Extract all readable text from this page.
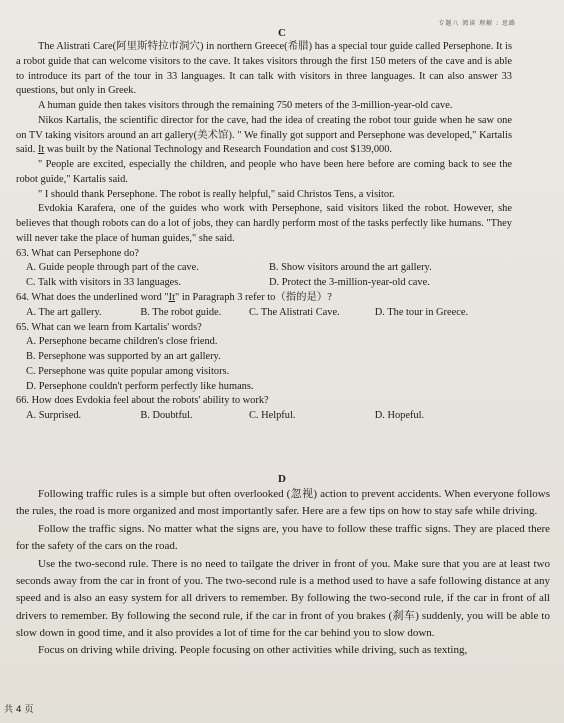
专题八 阅读 理解 : 思路
C

The Alistrati Care(阿里斯特拉市洞穴) in northern Greece(希腊) has a special tour guide called Persephone. It is a robot guide that can welcome visitors to the cave. It takes visitors through the first 150 meters of the cave and is able to introduce its part of the tour in 33 languages. It can talk with visitors in three languages. It can also answer 33 questions, but only in Greek.

A human guide then takes visitors through the remaining 750 meters of the 3-million-year-old cave.

Nikos Kartalis, the scientific director for the cave, had the idea of creating the robot tour guide when he saw one on TV taking visitors around an art gallery(美术馆). " We finally got support and Persephone was developed," Kartalis said. It was built by the National Technology and Research Foundation and cost $139,000.

" People are excited, especially the children, and people who have been here before are coming back to see the robot guide," Kartalis said.

" I should thank Persephone. The robot is really helpful," said Christos Tens, a visitor.

Evdokia Karafera, one of the guides who work with Persephone, said visitors liked the robot. However, she believes that though robots can do a lot of jobs, they can hardly perform most of the tasks perfectly like humans. "They will never take the place of human guides," she said.

63. What can Persephone do?

A. Guide people through part of the cave.	B. Show visitors around the art gallery.
C. Talk with visitors in 33 languages.	D. Protect the 3-million-year-old cave.

64. What does the underlined word "It" in Paragraph 3 refer to（指的是）?

A. The art gallery.	B. The robot guide.	C. The Alistrati Cave.	D. The tour in Greece.

65. What can we learn from Kartalis' words?

A. Persephone became children's close friend.
B. Persephone was supported by an art gallery.
C. Persephone was quite popular among visitors.
D. Persephone couldn't perform perfectly like humans.

66. How does Evdokia feel about the robots' ability to work?

A. Surprised.	B. Doubtful.	C. Helpful.	D. Hopeful.
D

Following traffic rules is a simple but often overlooked (忽视) action to prevent accidents. When everyone follows the rules, the road is more organized and most importantly safer. Here are a few tips on how to stay safe while driving.

Follow the traffic signs. No matter what the signs are, you have to follow these traffic signs. They are placed there for the safety of the cars on the road.

Use the two-second rule. There is no need to tailgate the driver in front of you. Make sure that you are at least two seconds away from the car in front of you. The two-second rule is a method used to have a safe following distance at any speed and is also an easy system for all drivers to remember. By following the two-second rule, if the car in front of all drivers to remember. By following the second rule, if the car in front of you brakes (刹车) suddenly, you will be able to slow down in good time, and it also provides a lot of time for the car behind you to slow down.

Focus on driving while driving. People focusing on other activities while driving, such as texting,

共 4 页
